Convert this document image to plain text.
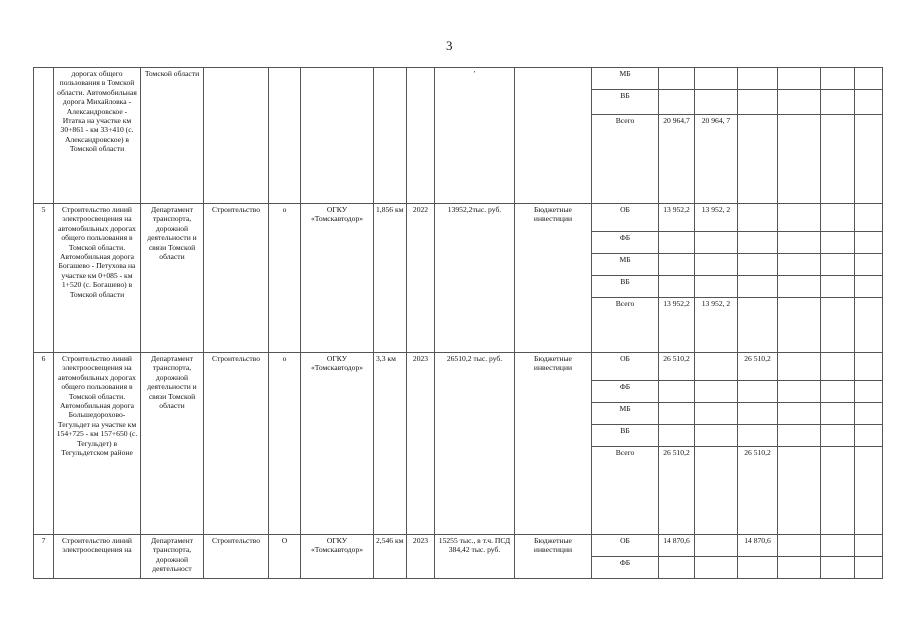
3
	дорогах общего пользования в Томской области. Автомобильная дорога Михайловка - Александровское - Итатка на участке км 30+861 - км 33+410 (с. Александровское) в Томской области	Томской области						'		МБ						
										ВБ						
										Всего	20 964,7	20 964, 7				
5	Строительство линий электроосвещения на автомобильных дорогах общего пользования в Томской области. Автомобильная дорога Богашево - Петухова на участке км 0+085 - км 1+520 (с. Богашево) в Томской области	Департамент транспорта, дорожной деятельности и связи Томской области	Строительство	о	ОГКУ «Томскавтодор»	1,856 км	2022	13952,2тыс. руб.	Бюджетные инвестиции	ОБ	13 952,2	13 952, 2				
										ФБ						
										МБ						
										ВБ						
										Всего	13 952,2	13 952, 2				
6	Строительство линий электроосвещения на автомобильных дорогах общего пользования в Томской области. Автомобильная дорога Большедорохово-Тегульдет на участке км 154+725 - км 157+650 (с. Тегульдет) в Тегульдетском районе	Департамент транспорта, дорожной деятельности и связи Томской области	Строительство	о	ОГКУ «Томскавтодор»	3,3 км	2023	26510,2 тыс. руб.	Бюджетные инвестиции	ОБ	26 510,2		26 510,2			
										ФБ						
										МБ						
										ВБ						
										Всего	26 510,2		26 510,2			
7	Строительство линий электроосвещения на	Департамент транспорта, дорожной деятельност	Строительство	О	ОГКУ «Томскавтодор»	2,546 км	2023	15255 тыс., в т.ч. ПСД 384,42 тыс. руб.	Бюджетные инвестиции	ОБ	14 870,6		14 870,6			
										ФБ						
